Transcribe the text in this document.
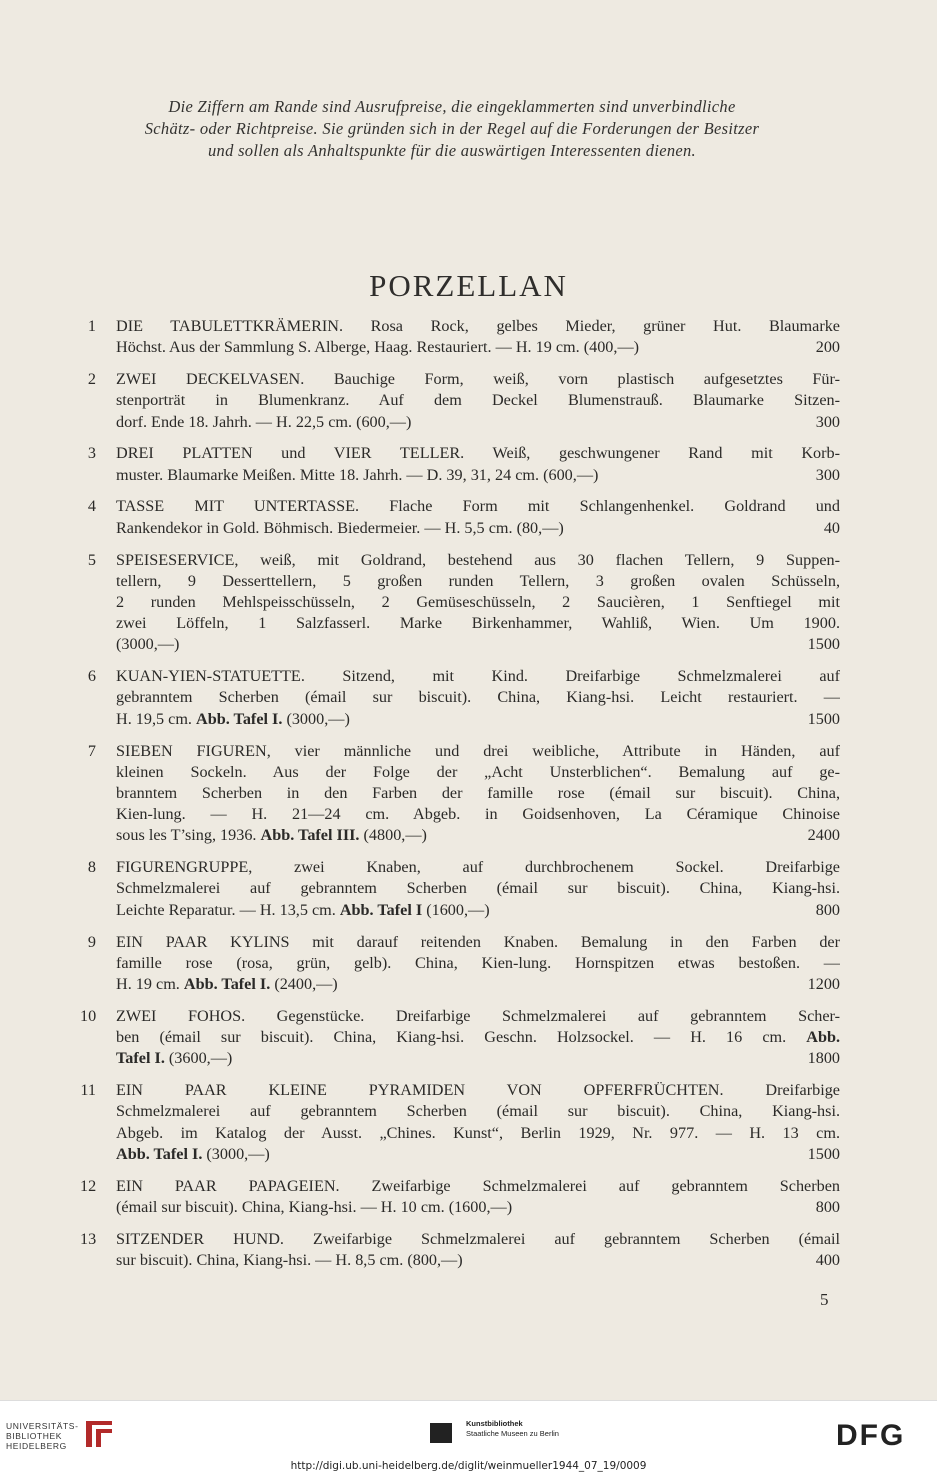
Die Ziffern am Rande sind Ausrufpreise, die eingeklammerten sind unverbindliche
Schätz- oder Richtpreise. Sie gründen sich in der Regel auf die Forderungen der Besitzer
und sollen als Anhaltspunkte für die auswärtigen Interessenten dienen.
PORZELLAN
1 DIE TABULETTKRÄMERIN. Rosa Rock, gelbes Mieder, grüner Hut. Blaumarke
Höchst. Aus der Sammlung S. Alberge, Haag. Restauriert. — H. 19 cm. (400,—)	200
2 ZWEI DECKELVASEN. Bauchige Form, weiß, vorn plastisch aufgesetztes Für-
stenporträt in Blumenkranz. Auf dem Deckel Blumenstrauß. Blaumarke Sitzen-
dorf. Ende 18. Jahrh. — H. 22,5 cm. (600,—)	300
3 DREI PLATTEN und VIER TELLER. Weiß, geschwungener Rand mit Korb-
muster. Blaumarke Meißen. Mitte 18. Jahrh. — D. 39, 31, 24 cm. (600,—)	300
4 TASSE MIT UNTERTASSE. Flache Form mit Schlangenhenkel. Goldrand und
Rankendekor in Gold. Böhmisch. Biedermeier. — H. 5,5 cm. (80,—)	40
5 SPEISESERVICE, weiß, mit Goldrand, bestehend aus 30 flachen Tellern, 9 Suppen-
tellern, 9 Desserttellern, 5 großen runden Tellern, 3 großen ovalen Schüsseln,
2 runden Mehlspeisschüsseln, 2 Gemüseschüsseln, 2 Saucièren, 1 Senftiegel mit
zwei Löffeln, 1 Salzfasserl. Marke Birkenhammer, Wahliß, Wien. Um 1900.
(3000,—)	1500
6 KUAN-YIEN-STATUETTE. Sitzend, mit Kind. Dreifarbige Schmelzmalerei auf
gebranntem Scherben (émail sur biscuit). China, Kiang-hsi. Leicht restauriert. —
H. 19,5 cm. Abb. Tafel I. (3000,—)	1500
7 SIEBEN FIGUREN, vier männliche und drei weibliche, Attribute in Händen, auf
kleinen Sockeln. Aus der Folge der „Acht Unsterblichen“. Bemalung auf ge-
branntem Scherben in den Farben der famille rose (émail sur biscuit). China,
Kien-lung. — H. 21—24 cm. Abgeb. in Goidsenhoven, La Céramique Chinoise
sous les T’sing, 1936. Abb. Tafel III. (4800,—)	2400
8 FIGURENGRUPPE, zwei Knaben, auf durchbrochenem Sockel. Dreifarbige
Schmelzmalerei auf gebranntem Scherben (émail sur biscuit). China, Kiang-hsi.
Leichte Reparatur. — H. 13,5 cm. Abb. Tafel I (1600,—)	800
9 EIN PAAR KYLINS mit darauf reitenden Knaben. Bemalung in den Farben der
famille rose (rosa, grün, gelb). China, Kien-lung. Hornspitzen etwas bestoßen. —
H. 19 cm. Abb. Tafel I. (2400,—)	1200
10 ZWEI FOHOS. Gegenstücke. Dreifarbige Schmelzmalerei auf gebranntem Scher-
ben (émail sur biscuit). China, Kiang-hsi. Geschn. Holzsockel. — H. 16 cm. Abb.
Tafel I. (3600,—)	1800
11 EIN PAAR KLEINE PYRAMIDEN VON OPFERFRÜCHTEN. Dreifarbige
Schmelzmalerei auf gebranntem Scherben (émail sur biscuit). China, Kiang-hsi.
Abgeb. im Katalog der Ausst. „Chines. Kunst“, Berlin 1929, Nr. 977. — H. 13 cm.
Abb. Tafel I. (3000,—)	1500
12 EIN PAAR PAPAGEIEN. Zweifarbige Schmelzmalerei auf gebranntem Scherben
(émail sur biscuit). China, Kiang-hsi. — H. 10 cm. (1600,—)	800
13 SITZENDER HUND. Zweifarbige Schmelzmalerei auf gebranntem Scherben (émail
sur biscuit). China, Kiang-hsi. — H. 8,5 cm. (800,—)	400
5
UNIVERSITÄTS-
BIBLIOTHEK
HEIDELBERG
Kunstbibliothek
Staatliche Museen zu Berlin	DFG
http://digi.ub.uni-heidelberg.de/diglit/weinmueller1944_07_19/0009
